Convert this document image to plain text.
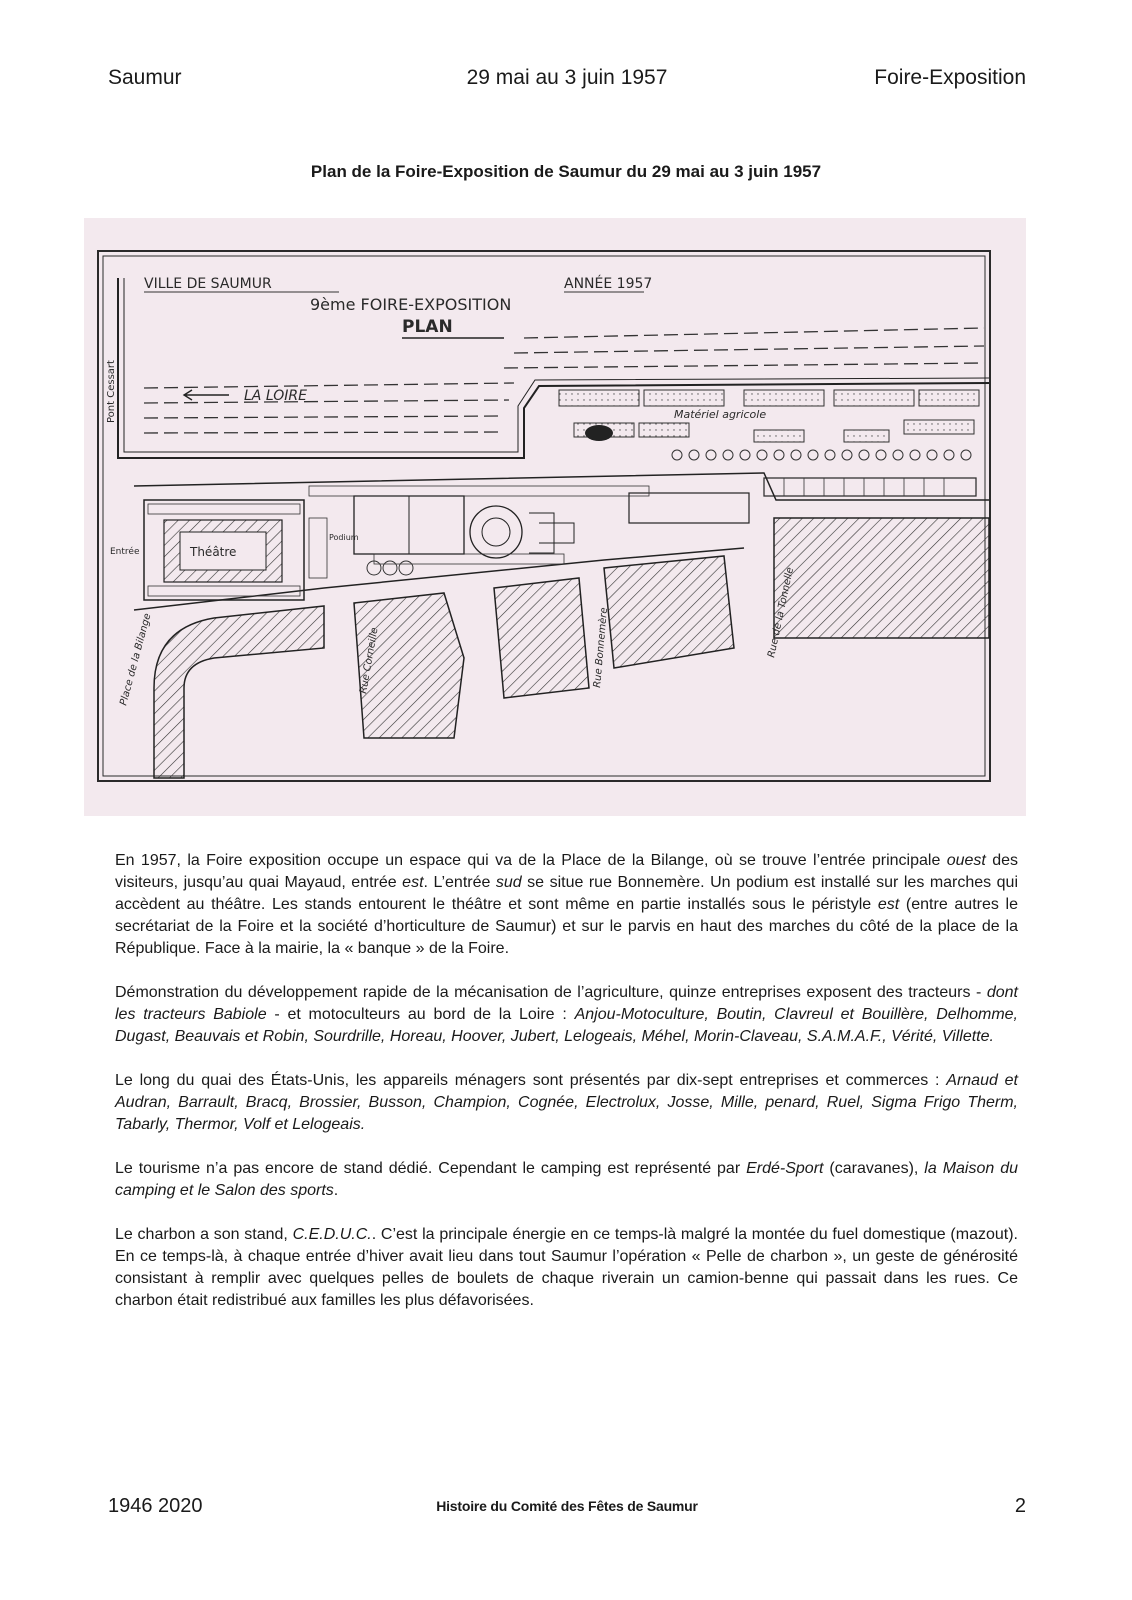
Saumur	29 mai au 3 juin 1957	Foire-Exposition
Plan de la Foire-Exposition de Saumur du 29 mai au 3 juin 1957
VILLE DE SAUMUR	ANNÉE 1957
9ème FOIRE-EXPOSITION
PLAN
LA LOIRE
Pont Cessart	Matériel agricole
Théâtre
Entrée
Podium
Place de la Bilange	Rue Corneille	Rue Bonnemère	Rue de la Tonnelle

En 1957, la Foire exposition occupe un espace qui va de la Place de la Bilange, où se trouve l’entrée principale ouest des visiteurs, jusqu’au quai Mayaud, entrée est. L’entrée sud se situe rue Bonnemère. Un podium est installé sur les marches qui accèdent au théâtre. Les stands entourent le théâtre et sont même en partie installés sous le péristyle est (entre autres le secrétariat de la Foire et la société d’horticulture de Saumur) et sur le parvis en haut des marches du côté de la place de la République. Face à la mairie, la « banque » de la Foire.

Démonstration du développement rapide de la mécanisation de l’agriculture, quinze entreprises exposent des tracteurs - dont les tracteurs Babiole - et motoculteurs au bord de la Loire : Anjou-Motoculture, Boutin, Clavreul et Bouillère, Delhomme, Dugast, Beauvais et Robin, Sourdrille, Horeau, Hoover, Jubert, Lelogeais, Méhel, Morin-Claveau, S.A.M.A.F., Vérité, Villette.

Le long du quai des États-Unis, les appareils ménagers sont présentés par dix-sept entreprises et commerces : Arnaud et Audran, Barrault, Bracq, Brossier, Busson, Champion, Cognée, Electrolux, Josse, Mille, penard, Ruel, Sigma Frigo Therm, Tabarly, Thermor, Volf et Lelogeais.

Le tourisme n’a pas encore de stand dédié. Cependant le camping est représenté par Erdé-Sport (caravanes), la Maison du camping et le Salon des sports.

Le charbon a son stand, C.E.D.U.C.. C’est la principale énergie en ce temps-là malgré la montée du fuel domestique (mazout). En ce temps-là, à chaque entrée d’hiver avait lieu dans tout Saumur l’opération « Pelle de charbon », un geste de générosité consistant à remplir avec quelques pelles de boulets de chaque riverain un camion-benne qui passait dans les rues. Ce charbon était redistribué aux familles les plus défavorisées.

1946 2020	Histoire du Comité des Fêtes de Saumur	2
